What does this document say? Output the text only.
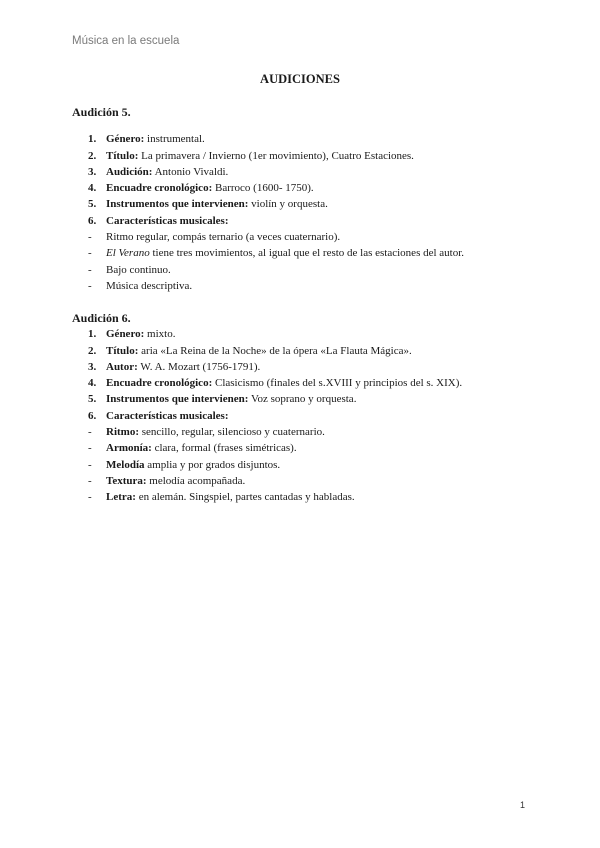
Música en la escuela
AUDICIONES
Audición 5.
1. Género: instrumental.
2. Título: La primavera / Invierno (1er movimiento), Cuatro Estaciones.
3. Audición: Antonio Vivaldi.
4. Encuadre cronológico: Barroco (1600- 1750).
5. Instrumentos que intervienen: violín y orquesta.
6. Características musicales:
-	Ritmo regular, compás ternario (a veces cuaternario).
-	El Verano tiene tres movimientos, al igual que el resto de las estaciones del autor.
-	Bajo continuo.
-	Música descriptiva.
Audición 6.
1. Género: mixto.
2. Título: aria «La Reina de la Noche» de la ópera «La Flauta Mágica».
3. Autor: W. A. Mozart (1756-1791).
4. Encuadre cronológico: Clasicismo (finales del s.XVIII y principios del s. XIX).
5. Instrumentos que intervienen: Voz soprano y orquesta.
6. Características musicales:
-	Ritmo: sencillo, regular, silencioso y cuaternario.
-	Armonía: clara, formal (frases simétricas).
-	Melodía amplia y por grados disjuntos.
-	Textura: melodía acompañada.
-	Letra: en alemán. Singspiel, partes cantadas y habladas.
1
